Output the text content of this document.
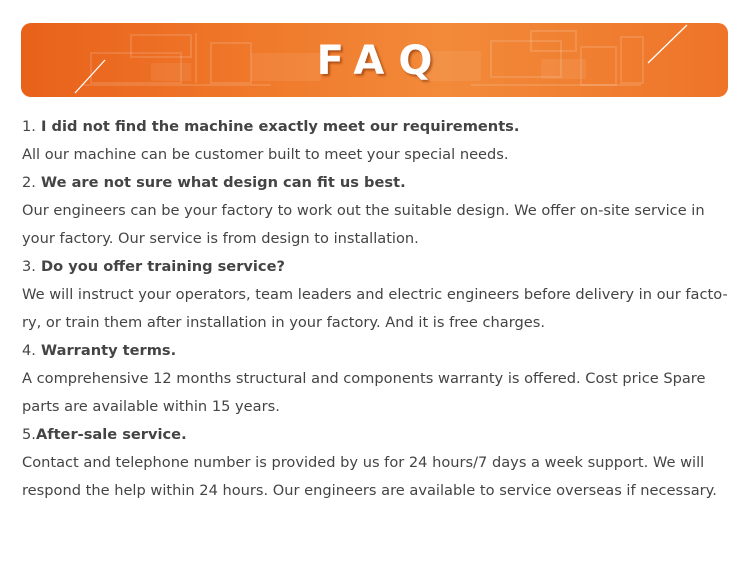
FAQ

1. I did not find the machine exactly meet our requirements.

All our machine can be customer built to meet your special needs.

2. We are not sure what design can fit us best.

Our engineers can be your factory to work out the suitable design. We offer on-site service in

your factory. Our service is from design to installation.

3. Do you offer training service?

We will instruct your operators, team leaders and electric engineers before delivery in our facto-

ry, or train them after installation in your factory. And it is free charges.

4. Warranty terms.

A comprehensive 12 months structural and components warranty is offered. Cost price Spare

parts are available within 15 years.

5.After-sale service.

Contact and telephone number is provided by us for 24 hours/7 days a week support. We will

respond the help within 24 hours. Our engineers are available to service overseas if necessary.
